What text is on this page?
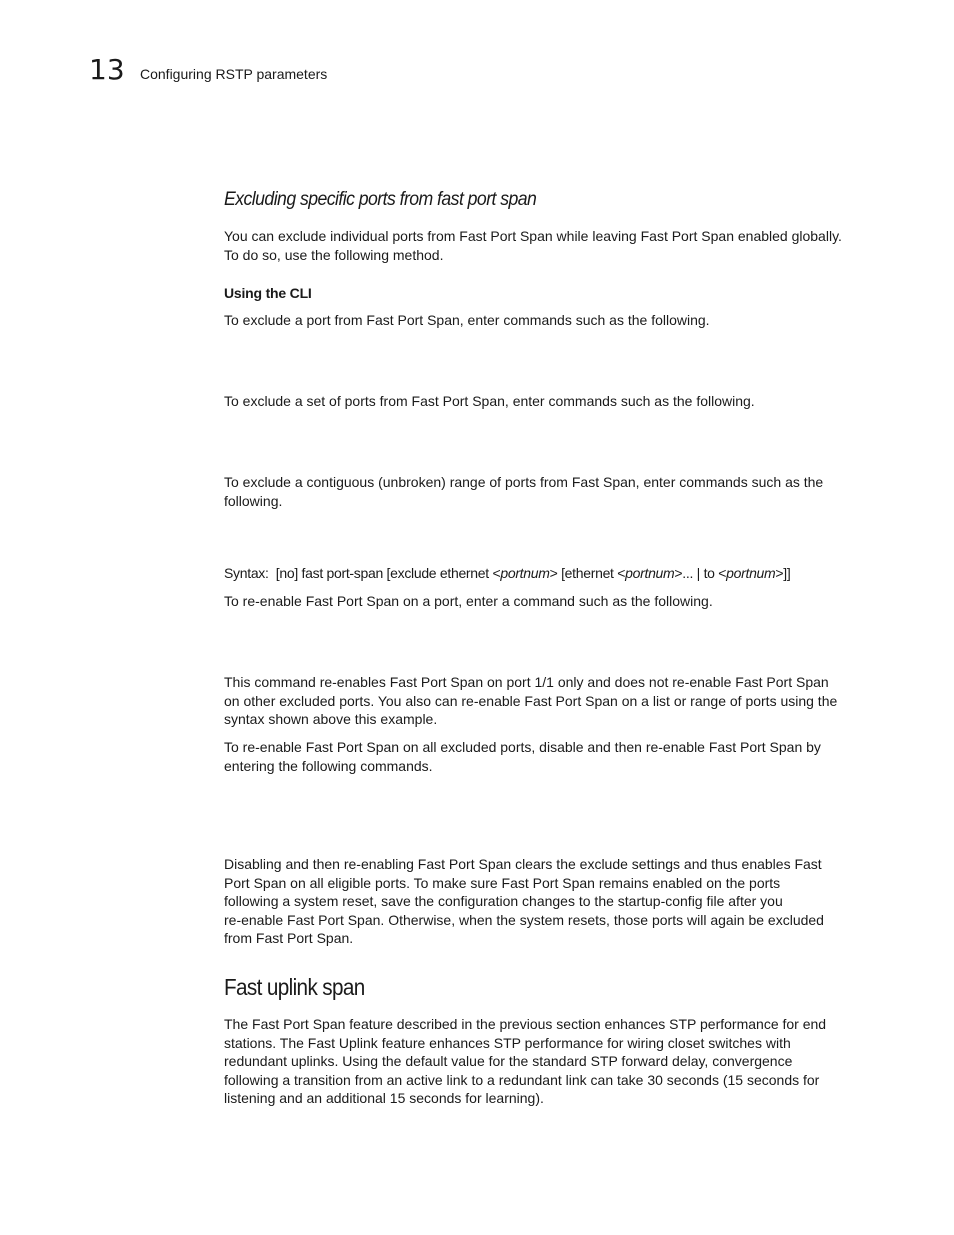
13 Configuring RSTP parameters
Excluding specific ports from fast port span
You can exclude individual ports from Fast Port Span while leaving Fast Port Span enabled globally.
To do so, use the following method.
Using the CLI
To exclude a port from Fast Port Span, enter commands such as the following.
To exclude a set of ports from Fast Port Span, enter commands such as the following.
To exclude a contiguous (unbroken) range of ports from Fast Span, enter commands such as the
following.
Syntax: [no] fast port-span [exclude ethernet <portnum> [ethernet <portnum>... | to <portnum>]]
To re-enable Fast Port Span on a port, enter a command such as the following.
This command re-enables Fast Port Span on port 1/1 only and does not re-enable Fast Port Span
on other excluded ports. You also can re-enable Fast Port Span on a list or range of ports using the
syntax shown above this example.
To re-enable Fast Port Span on all excluded ports, disable and then re-enable Fast Port Span by
entering the following commands.
Disabling and then re-enabling Fast Port Span clears the exclude settings and thus enables Fast
Port Span on all eligible ports. To make sure Fast Port Span remains enabled on the ports
following a system reset, save the configuration changes to the startup-config file after you
re-enable Fast Port Span. Otherwise, when the system resets, those ports will again be excluded
from Fast Port Span.
Fast uplink span
The Fast Port Span feature described in the previous section enhances STP performance for end
stations. The Fast Uplink feature enhances STP performance for wiring closet switches with
redundant uplinks. Using the default value for the standard STP forward delay, convergence
following a transition from an active link to a redundant link can take 30 seconds (15 seconds for
listening and an additional 15 seconds for learning).
